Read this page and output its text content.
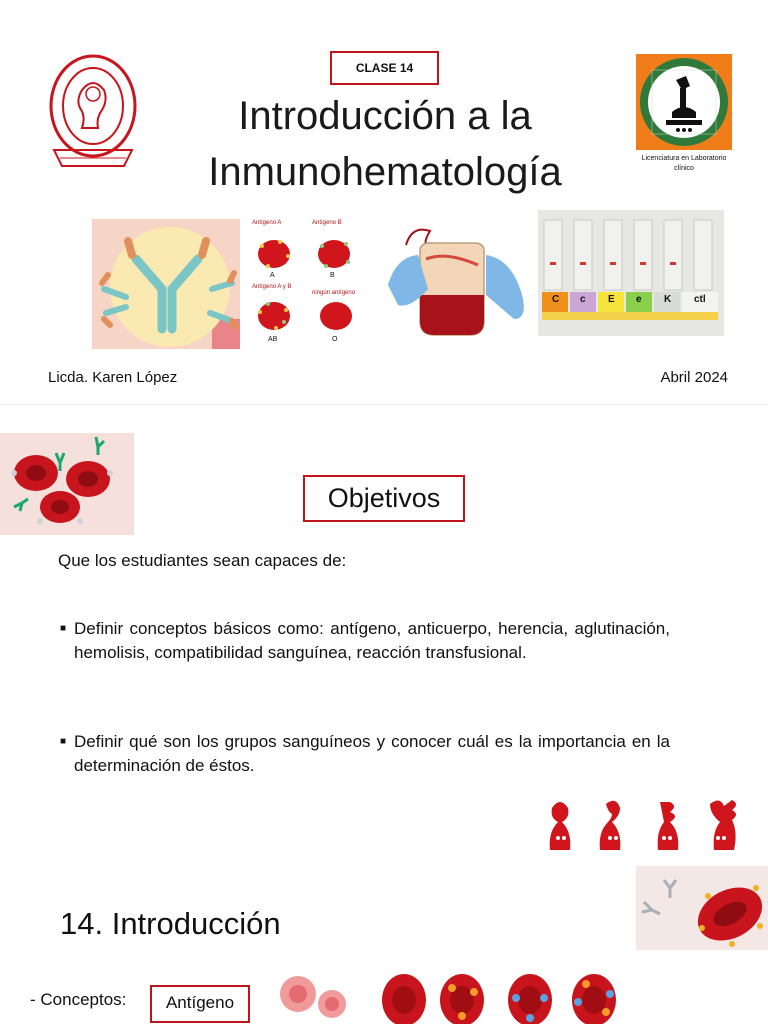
CLASE 14
Introducción a la
Inmunohematología	Licenciatura en Laboratorio clínico
Antígeno A	Antígeno B
A	B
Antígeno A y B
ningún antígeno
AB	O
C c E e K ctl
Licda. Karen López	Abril 2024
Objetivos
Que los estudiantes sean capaces de:
■ Definir conceptos básicos como: antígeno, anticuerpo, herencia, aglutinación, hemolisis, compatibilidad sanguínea, reacción transfusional.
■ Definir qué son los grupos sanguíneos y conocer cuál es la importancia en la determinación de éstos.
14. Introducción
- Conceptos:	Antígeno
